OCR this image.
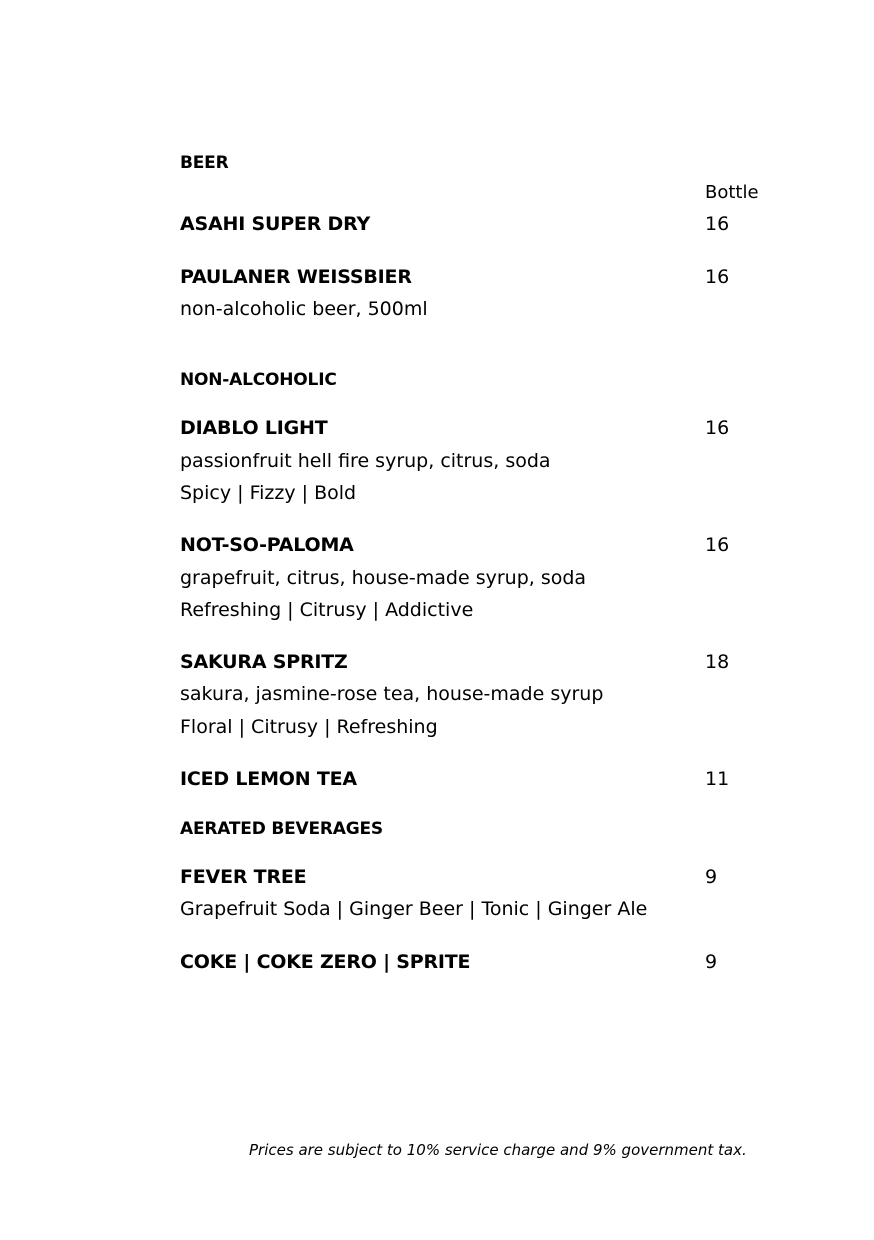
BEER
Bottle
ASAHI SUPER DRY	16
PAULANER WEISSBIER	16
non-alcoholic beer, 500ml
NON-ALCOHOLIC
DIABLO LIGHT	16
passionfruit hell fire syrup, citrus, soda
Spicy | Fizzy | Bold
NOT-SO-PALOMA	16
grapefruit, citrus, house-made syrup, soda
Refreshing | Citrusy | Addictive
SAKURA SPRITZ	18
sakura, jasmine-rose tea, house-made syrup
Floral | Citrusy | Refreshing
ICED LEMON TEA	11
AERATED BEVERAGES
FEVER TREE	9
Grapefruit Soda | Ginger Beer | Tonic | Ginger Ale
COKE | COKE ZERO | SPRITE	9
Prices are subject to 10% service charge and 9% government tax.
